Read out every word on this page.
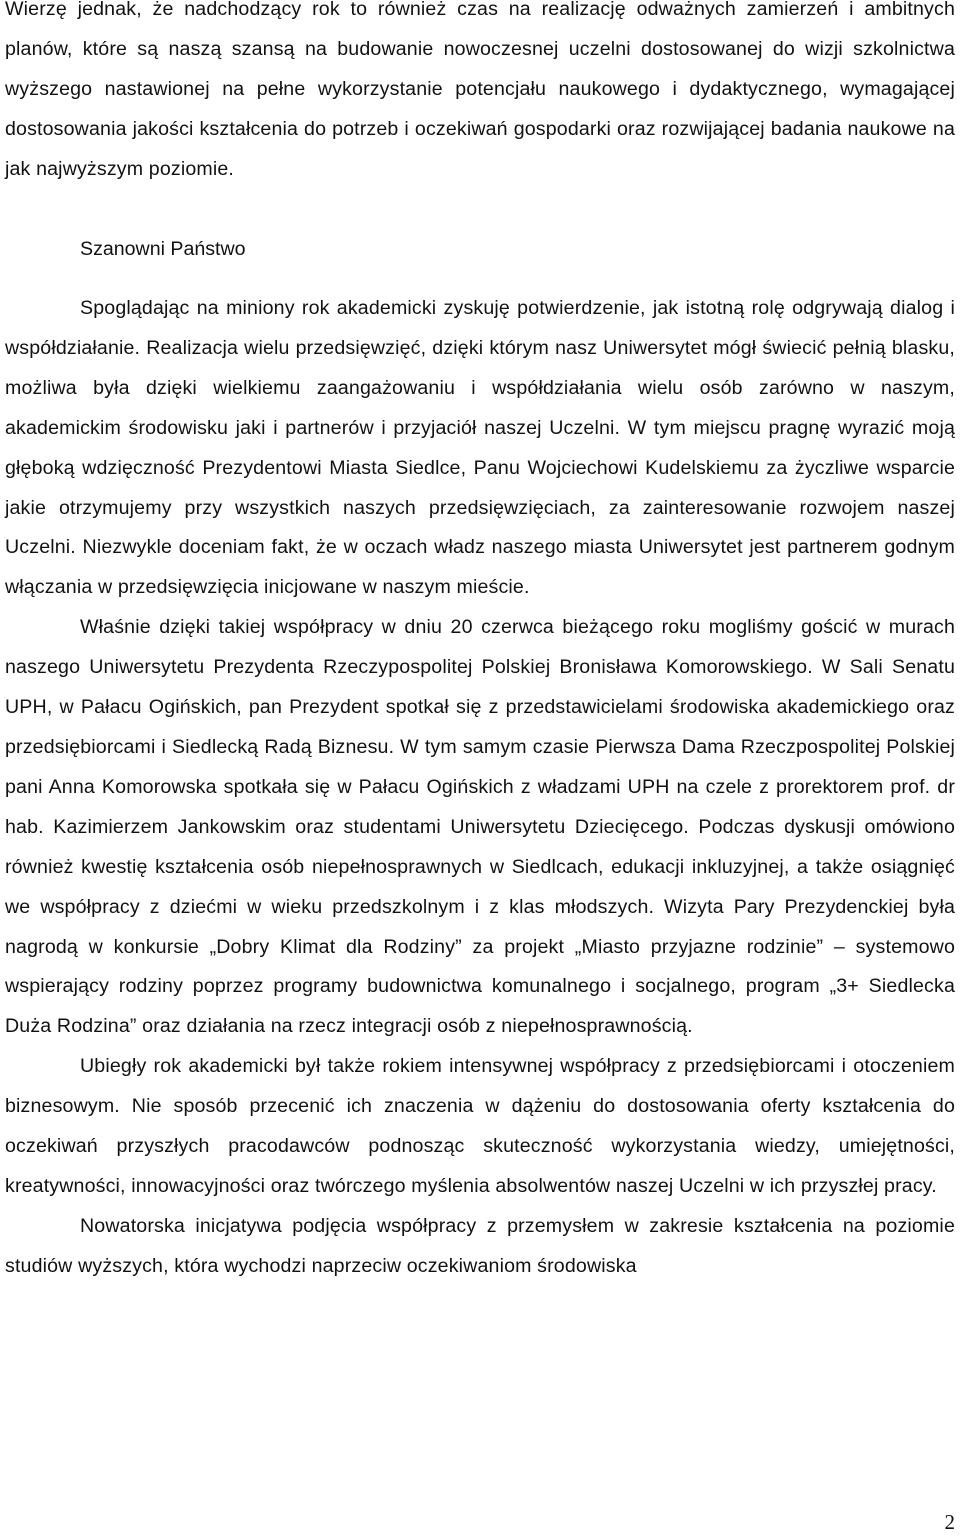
Wierzę jednak, że nadchodzący rok to również czas na realizację odważnych zamierzeń i ambitnych planów, które są naszą szansą na budowanie nowoczesnej uczelni dostosowanej do wizji szkolnictwa wyższego nastawionej na pełne wykorzystanie potencjału naukowego i dydaktycznego, wymagającej dostosowania jakości kształcenia do potrzeb i oczekiwań gospodarki oraz rozwijającej badania naukowe na jak najwyższym poziomie.

Szanowni Państwo

Spoglądając na miniony rok akademicki zyskuję potwierdzenie, jak istotną rolę odgrywają dialog i współdziałanie. Realizacja wielu przedsięwzięć, dzięki którym nasz Uniwersytet mógł świecić pełnią blasku, możliwa była dzięki wielkiemu zaangażowaniu i współdziałania wielu osób zarówno w naszym, akademickim środowisku jaki i partnerów i przyjaciół naszej Uczelni. W tym miejscu pragnę wyrazić moją głęboką wdzięczność Prezydentowi Miasta Siedlce, Panu Wojciechowi Kudelskiemu za życzliwe wsparcie jakie otrzymujemy przy wszystkich naszych przedsięwzięciach, za zainteresowanie rozwojem naszej Uczelni. Niezwykle doceniam fakt, że w oczach władz naszego miasta Uniwersytet jest partnerem godnym włączania w przedsięwzięcia inicjowane w naszym mieście.

Właśnie dzięki takiej współpracy w dniu 20 czerwca bieżącego roku mogliśmy gościć w murach naszego Uniwersytetu Prezydenta Rzeczypospolitej Polskiej Bronisława Komorowskiego. W Sali Senatu UPH, w Pałacu Ogińskich, pan Prezydent spotkał się z przedstawicielami środowiska akademickiego oraz przedsiębiorcami i Siedlecką Radą Biznesu. W tym samym czasie Pierwsza Dama Rzeczpospolitej Polskiej pani Anna Komorowska spotkała się w Pałacu Ogińskich z władzami UPH na czele z prorektorem prof. dr hab. Kazimierzem Jankowskim oraz studentami Uniwersytetu Dziecięcego. Podczas dyskusji omówiono również kwestię kształcenia osób niepełnosprawnych w Siedlcach, edukacji inkluzyjnej, a także osiągnięć we współpracy z dziećmi w wieku przedszkolnym i z klas młodszych. Wizyta Pary Prezydenckiej była nagrodą w konkursie „Dobry Klimat dla Rodziny” za projekt „Miasto przyjazne rodzinie” – systemowo wspierający rodziny poprzez programy budownictwa komunalnego i socjalnego, program „3+ Siedlecka Duża Rodzina” oraz działania na rzecz integracji osób z niepełnosprawnością.

Ubiegły rok akademicki był także rokiem intensywnej współpracy z przedsiębiorcami i otoczeniem biznesowym. Nie sposób przecenić ich znaczenia w dążeniu do dostosowania oferty kształcenia do oczekiwań przyszłych pracodawców podnosząc skuteczność wykorzystania wiedzy, umiejętności, kreatywności, innowacyjności oraz twórczego myślenia absolwentów naszej Uczelni w ich przyszłej pracy.

Nowatorska inicjatywa podjęcia współpracy z przemysłem w zakresie kształcenia na poziomie studiów wyższych, która wychodzi naprzeciw oczekiwaniom środowiska

2
